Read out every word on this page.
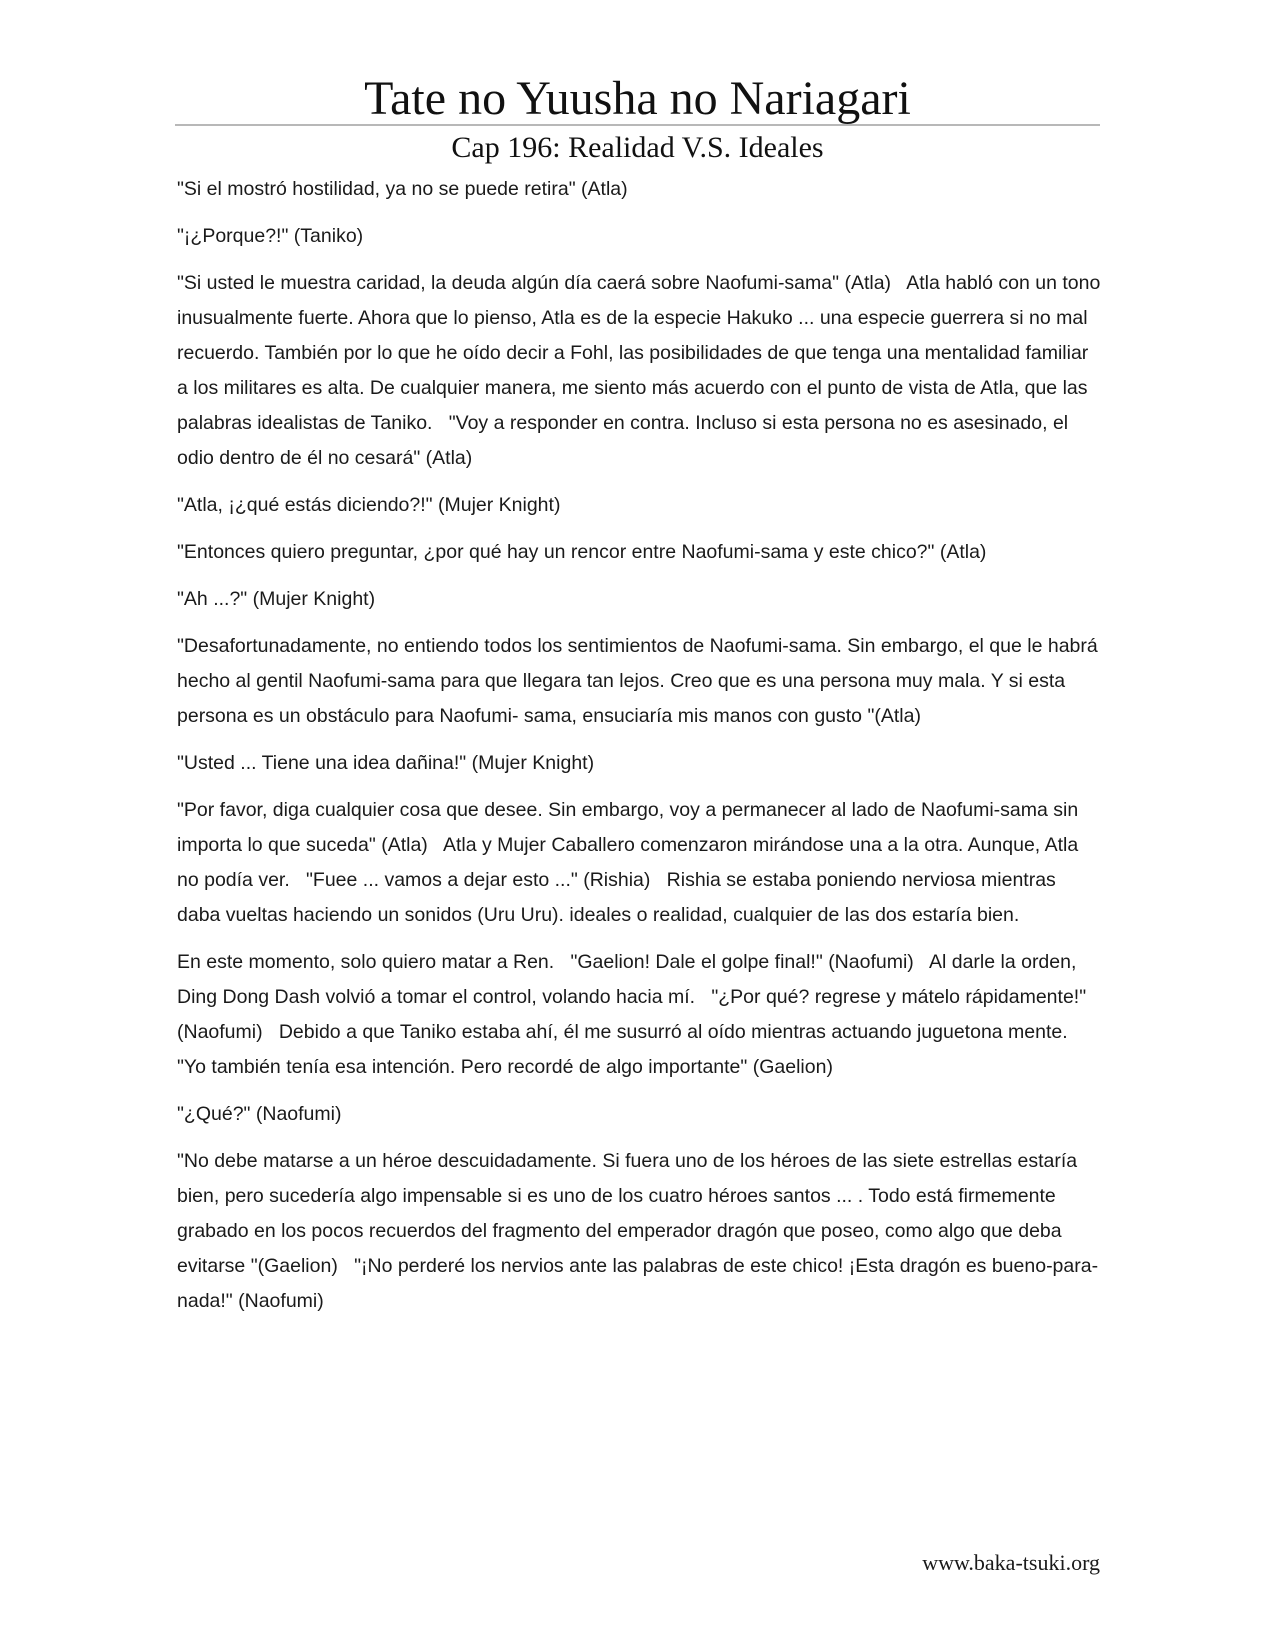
Tate no Yuusha no Nariagari
Cap 196: Realidad V.S. Ideales

"Si el mostró hostilidad, ya no se puede retira" (Atla)

"¡¿Porque?!" (Taniko)

"Si usted le muestra caridad, la deuda algún día caerá sobre Naofumi-sama" (Atla)   Atla habló con un tono inusualmente fuerte. Ahora que lo pienso, Atla es de la especie Hakuko ... una especie guerrera si no mal recuerdo. También por lo que he oído decir a Fohl, las posibilidades de que tenga una mentalidad familiar a los militares es alta. De cualquier manera, me siento más acuerdo con el punto de vista de Atla, que las palabras idealistas de Taniko.   "Voy a responder en contra. Incluso si esta persona no es asesinado, el odio dentro de él no cesará" (Atla)

"Atla, ¡¿qué estás diciendo?!" (Mujer Knight)

"Entonces quiero preguntar, ¿por qué hay un rencor entre Naofumi-sama y este chico?" (Atla)

"Ah ...?" (Mujer Knight)

"Desafortunadamente, no entiendo todos los sentimientos de Naofumi-sama. Sin embargo, el que le habrá hecho al gentil Naofumi-sama para que llegara tan lejos. Creo que es una persona muy mala. Y si esta persona es un obstáculo para Naofumi- sama, ensuciaría mis manos con gusto "(Atla)

"Usted ... Tiene una idea dañina!" (Mujer Knight)

"Por favor, diga cualquier cosa que desee. Sin embargo, voy a permanecer al lado de Naofumi-sama sin importa lo que suceda" (Atla)   Atla y Mujer Caballero comenzaron mirándose una a la otra. Aunque, Atla no podía ver.   "Fuee ... vamos a dejar esto ..." (Rishia)   Rishia se estaba poniendo nerviosa mientras daba vueltas haciendo un sonidos (Uru Uru). ideales o realidad, cualquier de las dos estaría bien.

En este momento, solo quiero matar a Ren.   "Gaelion! Dale el golpe final!" (Naofumi)   Al darle la orden, Ding Dong Dash volvió a tomar el control, volando hacia mí.   "¿Por qué? regrese y mátelo rápidamente!" (Naofumi)   Debido a que Taniko estaba ahí, él me susurró al oído mientras actuando juguetona mente.   "Yo también tenía esa intención. Pero recordé de algo importante" (Gaelion)

"¿Qué?" (Naofumi)

"No debe matarse a un héroe descuidadamente. Si fuera uno de los héroes de las siete estrellas estaría bien, pero sucedería algo impensable si es uno de los cuatro héroes santos ... . Todo está firmemente grabado en los pocos recuerdos del fragmento del emperador dragón que poseo, como algo que deba evitarse "(Gaelion)   "¡No perderé los nervios ante las palabras de este chico! ¡Esta dragón es bueno-para-nada!" (Naofumi)

www.baka-tsuki.org
